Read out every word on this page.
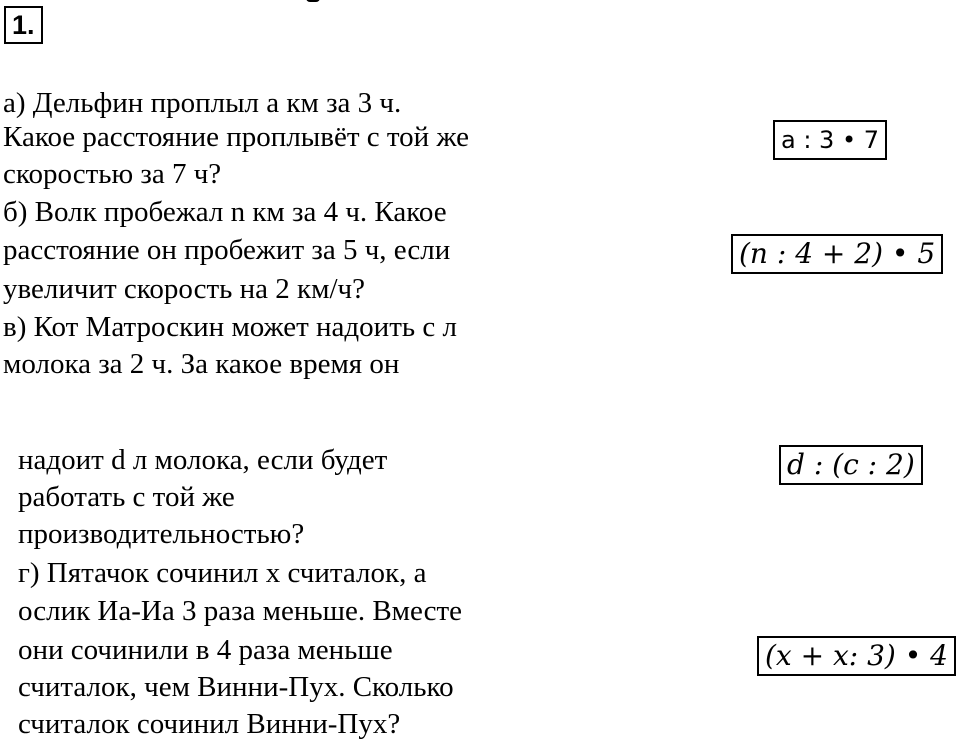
1.
а) Дельфин проплыл a км за 3 ч.
Какое расстояние проплывёт с той же
скоростью за 7 ч?
б) Волк пробежал n км за 4 ч. Какое
расстояние он пробежит за 5 ч, если
увеличит скорость на 2 км/ч?
в) Кот Матроскин может надоить с л
молока за 2 ч. За какое время он
надоит d л молока, если будет
работать с той же
производительностью?
г) Пятачок сочинил x считалок, а
ослик Иа-Иа 3 раза меньше. Вместе
они сочинили в 4 раза меньше
считалок, чем Винни-Пух. Сколько
считалок сочинил Винни-Пух?
a : 3 • 7
(n : 4 + 2) • 5
d : (c : 2)
(x + x: 3) • 4
